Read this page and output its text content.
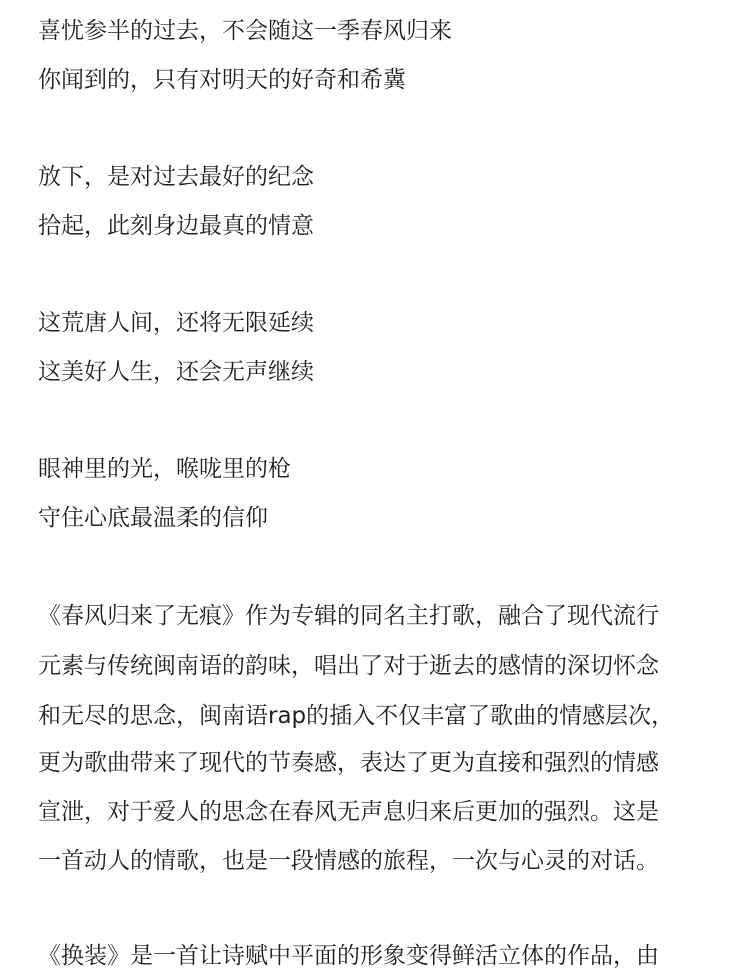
喜忧参半的过去，不会随这一季春风归来
你闻到的，只有对明天的好奇和希冀
放下，是对过去最好的纪念
拾起，此刻身边最真的情意
这荒唐人间，还将无限延续
这美好人生，还会无声继续
眼神里的光，喉咙里的枪
守住心底最温柔的信仰
《春风归来了无痕》作为专辑的同名主打歌，融合了现代流行
元素与传统闽南语的韵味，唱出了对于逝去的感情的深切怀念
和无尽的思念，闽南语rap的插入不仅丰富了歌曲的情感层次，
更为歌曲带来了现代的节奏感，表达了更为直接和强烈的情感
宣泄，对于爱人的思念在春风无声息归来后更加的强烈。这是
一首动人的情歌，也是一段情感的旅程，一次与心灵的对话。
《换装》是一首让诗赋中平面的形象变得鲜活立体的作品，由
